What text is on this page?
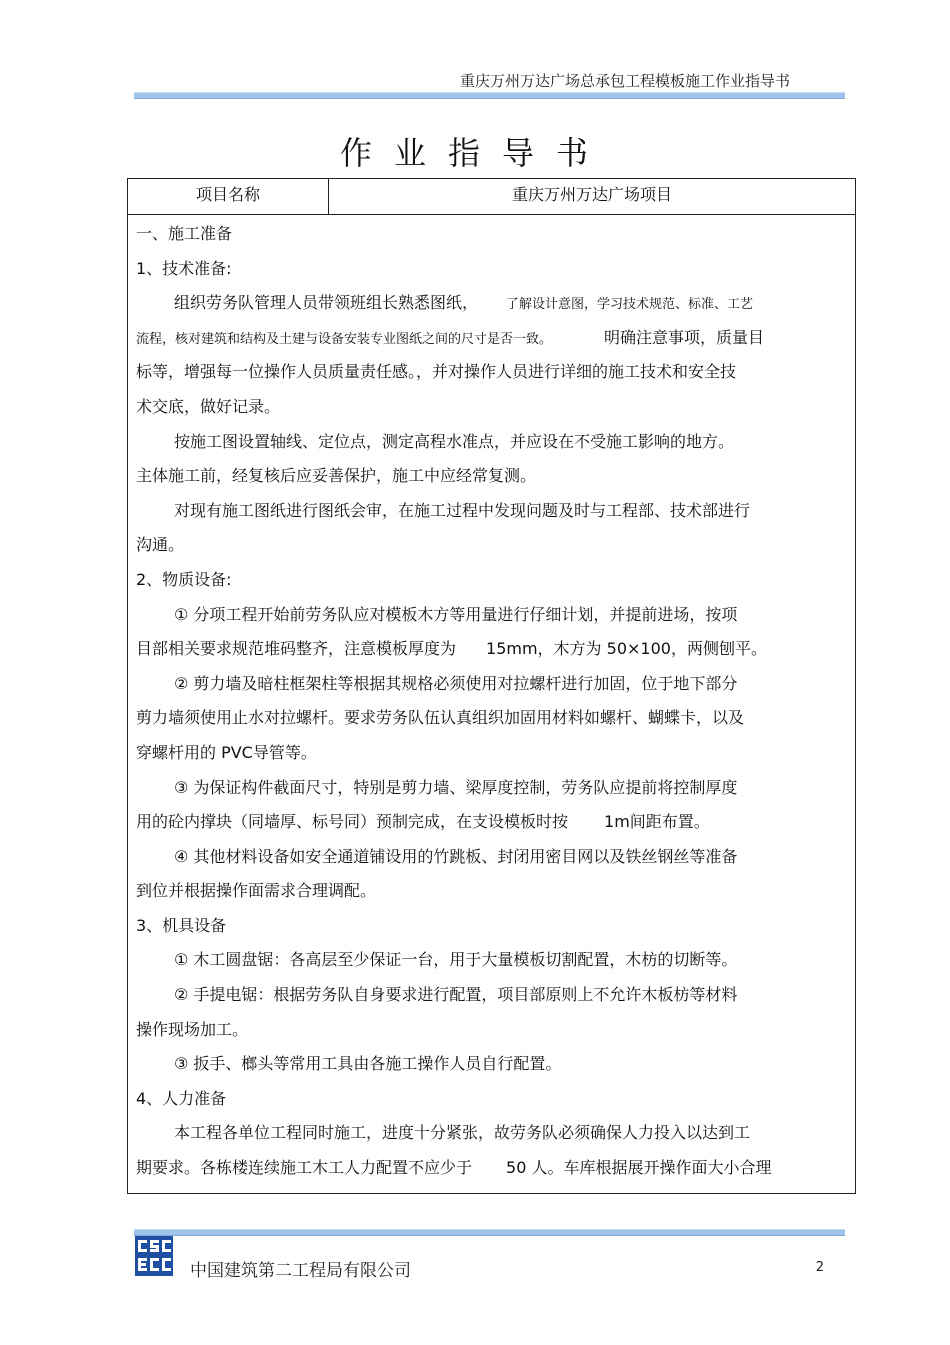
重庆万州万达广场总承包工程模板施工作业指导书
作业指导书
项目名称	重庆万州万达广场项目
一、施工准备
1、技术准备:
组织劳务队管理人员带领班组长熟悉图纸， 了解设计意图，学习技术规范、标准、工艺
流程，核对建筑和结构及土建与设备安装专业图纸之间的尺寸是否一致。	明确注意事项，质量目
标等，增强每一位操作人员质量责任感。，并对操作人员进行详细的施工技术和安全技
术交底，做好记录。
按施工图设置轴线、定位点，测定高程水准点，并应设在不受施工影响的地方。
主体施工前，经复核后应妥善保护，施工中应经常复测。
对现有施工图纸进行图纸会审，在施工过程中发现问题及时与工程部、技术部进行
沟通。
2、物质设备:
① 分项工程开始前劳务队应对模板木方等用量进行仔细计划，并提前进场，按项
目部相关要求规范堆码整齐，注意模板厚度为 15mm，木方为 50×100，两侧刨平。
② 剪力墙及暗柱框架柱等根据其规格必须使用对拉螺杆进行加固，位于地下部分
剪力墙须使用止水对拉螺杆。要求劳务队伍认真组织加固用材料如螺杆、蝴蝶卡，以及
穿螺杆用的 PVC导管等。
③ 为保证构件截面尺寸，特别是剪力墙、梁厚度控制，劳务队应提前将控制厚度
用的砼内撑块（同墙厚、标号同）预制完成，在支设模板时按 1m间距布置。
④ 其他材料设备如安全通道铺设用的竹跳板、封闭用密目网以及铁丝钢丝等准备
到位并根据操作面需求合理调配。
3、机具设备
① 木工圆盘锯：各高层至少保证一台，用于大量模板切割配置，木枋的切断等。
② 手提电锯：根据劳务队自身要求进行配置，项目部原则上不允许木板枋等材料
操作现场加工。
③ 扳手、榔头等常用工具由各施工操作人员自行配置。
4、人力准备
本工程各单位工程同时施工，进度十分紧张，故劳务队必须确保人力投入以达到工
期要求。各栋楼连续施工木工人力配置不应少于 50 人。车库根据展开操作面大小合理
中国建筑第二工程局有限公司	2
